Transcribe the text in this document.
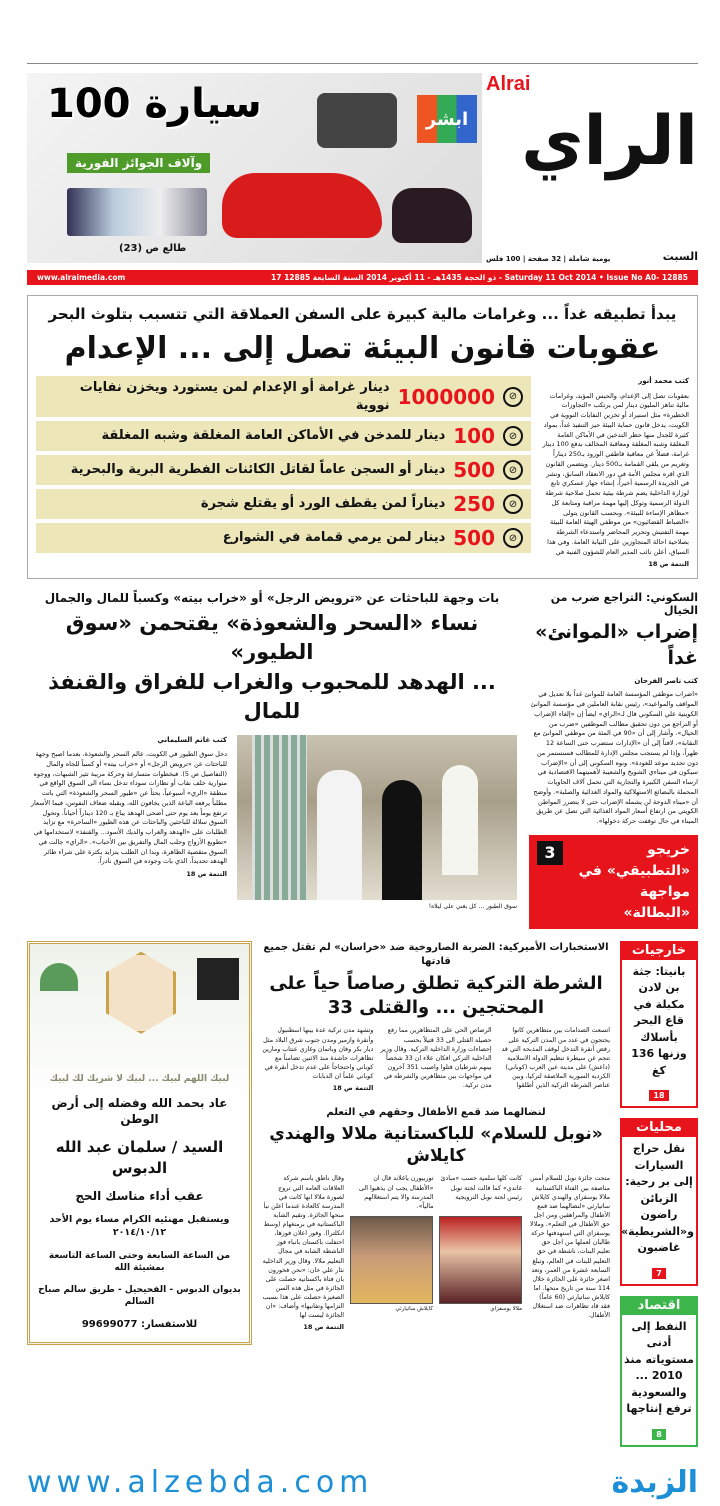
100 سيارة
وآلاف الجوائز الفورية
ابشر
طالع ص (23)
Alrai
الراي
يومية شاملة | 32 صفحة | 100 فلس	السبت
www.alraimedia.com	17 ذو الحجة 1435هـ - 11 أكتوبر 2014 السنة السابعة 12885 - Saturday 11 Oct 2014 • Issue No A0- 12885
يبدأ تطبيقه غداً ... وغرامات مالية كبيرة على السفن العملاقة التي تتسبب بتلوث البحر
عقوبات قانون البيئة تصل إلى ... الإعدام
⊘
1000000
دينار غرامة أو الإعدام لمن يستورد ويخزن نفايات نووية
⊘
100
دينار للمدخن في الأماكن العامة المغلقة وشبه المغلقة
⊘
500
دينار أو السجن عاماً لقاتل الكائنات الفطرية البرية والبحرية
⊘
250
ديناراً لمن يقطف الورد أو يقتلع شجرة
⊘
500
دينار لمن يرمي قمامة في الشوارع
كتب محمد أنور
بعقوبات تصل إلى الإعدام، والحبس المؤبد، وغرامات مالية تناهز المليون دينار لمن يرتكب «التجاوزات الخطيرة» مثل استيراد أو تخزين النفايات النووية في الكويت، يدخل قانون حماية البيئة حيز التنفيذ غداً، بمواد كثيرة للجدل منها حظر التدخين في الأماكن العامة المغلقة وشبه المغلقة ومعاقبة المخالف بدفع 100 دينار غرامة، فضلاً عن معاقبة قاطفي الورود بـ250 ديناراً وتغريم من يلقي القمامة بـ500 دينار. ويتضمن القانون الذي اقره مجلس الأمة في دور الانعقاد السابق، ونشر في الجريدة الرسمية أخيراً، إنشاء جهاز عسكري تابع لوزارة الداخلية يضم شرطة بيئية تحمل صلاحية شرطة الدولة الرسمية وتوكل إليها مهمة مراقبة ومتابعة كل «مظاهر الإساءة للبيئة». وبحسب القانون يتولى «الضباط القضائيون» من موظفي الهيئة العامة للبيئة مهمة التفتيش وتحرير المحاضر واستدعاء الشرطة بصلاحية احالة المتجاوزين على النيابة العامة. وفي هذا السياق، أعلن نائب المدير العام للشؤون الفنية في
التتمة ص 18
بات وجهة للباحثات عن «ترويض الرجل» أو «خراب بيته» وكسباً للمال والجمال
نساء «السحر والشعوذة» يقتحمن «سوق الطيور»
... الهدهد للمحبوب والغراب للفراق والقنفذ للمال
كتب غانم السليماني
دخل سوق الطيور في الكويت، عالم السحر والشعوذة، بعدما اصبح وجهة للباحثات عن «ترويض الرجل» أو «خراب بيته» أو كسباً للجاه والمال (التفاصيل ص 5). فبخطوات متسارعة وحركة مريبة تثير الشبهات، ووجوه متوارية خلف نقاب أو نظارات سوداء تدخل نساء الى السوق الواقع في منطقة «الري» أسبوعياً، بحثاً عن «طيور السحر والشعوذة» التي باتت مطلباً يرفعه الباعة الذين يخافون الله، ويقبله ضعاف النفوس، فيما الأسعار ترتفع يوماً بعد يوم حتى أضحى الهدهد يباع بـ 120 ديناراً أحياناً. وتحول السوق سلالة للباحثين والباحثات عن هذه الطيور «الساحرة» مع تزايد الطلبات على «الهدهد والغراب والديك الأسود... والقنفذ» لاستخدامها في «تطويع الأزواج وجلب المال والتفريق بين الأحباب». «الراي» جالت في السوق متقصية الظاهرة، وبدا ان الطلب يتزايد بكثرة على شراء طائر الهدهد تحديداً، الذي بات وجوده في السوق نادراً.
التتمة ص 18
سوق الطيور ... كل يغني على ليلاه!
السكوني: التراجع ضرب من الخيال
إضراب «الموانئ» غداً
كتب ناصر الفرحان
«اضراب موظفي المؤسسة العامة للموانئ غداً بلا تعديل في المواقف والمواعيد»، رئيس نقابة العاملين في مؤسسة الموانئ الكويتية علي السكوني قال لـ«الراي» ايضاً إن «إلغاء الإضراب أو التراجع من دون تحقيق مطالب الموظفين «ضرب من الخيال». وأشار إلى أن «90 في المئة من موظفي الموانئ مع النقابة»، لافتاً إلى أن «الإدارات ستضرب حتى الساعة 12 ظهراً، وإذا لم يستجب مجلس الإدارة للمطالب فسنستمر من دون تحديد موعد للعودة». ونوه السكوني إلى أن «الإضراب سيكون في ميناءي الشويخ والشعيبة لأهميتهما الاقتصادية في ارساء السفن الكبيرة والتجارية التي تحمل آلاف الحاويات المحملة بالبضائع الاستهلاكية والمواد الغذائية والصلبة». وأوضح أن «ميناء الدوحة لن يشمله الإضراب حتى لا يتضرر المواطن الكويتي من ارتفاع أسعار المواد الغذائية التي تصل عن طريق الميناء في حال توقفت حركة دخولها».
3	خريجو «التطبيقي» في مواجهة «البطالة»
لبيك اللهم لبيك ... لبيك لا شريك لك لبيك
عاد بحمد الله وفضله إلى أرض الوطن
السيد / سلمان عبد الله الدبوس
عقب أداء مناسك الحج
ويستقبل مهنئيه الكرام مساء يوم الأحد ٢٠١٤/١٠/١٢
من الساعة السابعة وحتى الساعة التاسعة بمشيئة الله
بديوان الدبوس - الفحيحيل - طريق سالم صباح السالم
للاستفسار: 99699077
الاستخبارات الأميركية: الضربة الصاروخية ضد «خراسان» لم تقتل جميع قادتها
الشرطة التركية تطلق رصاصاً حياً على المحتجين ... والقتلى 33
اتسعت الصدامات بين متظاهرين كانوا يحتجون في عدد من المدن التركية على رفض أنقرة التدخل لوقف المذبحة التي قد تنجم عن سيطرة تنظيم الدولة الاسلامية (داعش) على مدينة عين العرب (كوباني) الكردية السورية الملاصقة لتركيا، وبين عناصر الشرطة التركية الذين أطلقوا
الرصاص الحي على المتظاهرين مما رفع حصيلة القتلى الى 33 قتيلاً بحسب إحصاءات وزارة الداخلية التركية. وقال وزير الداخلية التركي افكان علاء ان 33 شخصاً بينهم شرطيان قتلوا واصيب 351 آخرون في مواجهات بين متظاهرين والشرطة في مدن تركية.
وتشهد مدن تركية عدة بينها اسطنبول وأنقرة وازمير ومدن جنوب شرق البلاد مثل ديار بكر وفان وباتمان وغازي عنتاب ومارين تظاهرات حاشدة منذ الاثنين تضامناً مع كوباني واحتجاجاً على عدم تدخل أنقرة في كوباني علماً ان الدبابات
التتمة ص 18
لنضالهما ضد قمع الأطفال وحقهم في التعلم
«نوبل للسلام» للباكستانية ملالا والهندي كايلاش
منحت جائزة نوبل للسلام أمس مناصفة بين الفتاة الباكستانية ملالا يوسفزاي والهندي كايلاش ساتيارثي «لنضالهما ضد قمع الأطفال والمراهقين ومن اجل حق الأطفال في التعلم». وملالا يوسفزاي التي استهدفتها حركة طالبان لعملها من اجل حق تعليم البنات، ناشطة في حق التعليم للبنات في العالم، وتبلغ السابعة عشرة من العمر، وتعد اصغر حائزة على الجائزة خلال 114 سنة من تاريخ منحها. اما كايلاش ساتيارثي (60 عاماً) فقد قاد تظاهرات ضد استغلال الأطفال.
كانت كلها سلمية حسب «مبادئ غاندي» كما قالت لجنة نوبل رئيس لجنة نوبل النرويجية
توربيورن ياغلاند قال ان «الأطفال يجب ان يذهبوا الى المدرسة والا يتم استغلالهم مالياً».
ملالا يوسفزاي
كايلاش ساتيارثي
وقال ناطق باسم شركة العلاقات العامة التي تروج لصورة ملالا انها كانت في المدرسة كالعادة عندما اعلن نبأ منحها الجائزة. وتقيم الشابة الباكستانية في برمنغهام (وسط انكلترا). وفور اعلان فوزها، احتفلت باكستان بانباء فوز الناشطة الشابة في مجال التعليم ملالا. وقال وزير الداخلية نثار علي خان: «نحن فخورون بان فتاة باكستانية حصلت على الجائزة في مثل هذه السن الصغيرة حصلت على هذا بسبب التزامها وتفانيها» وأضاف: «ان الجائزة ليست لها
التتمة ص 18
خارجيات
بانيتا: جثة بن لادن مكبلة في قاع البحر بأسلاك وزنها 136 كغ
18
محليات
نقل حراج السيارات إلى بر رحية: الزبائن راضون و«الشريطية» غاضبون
7
اقتصاد
النفط إلى أدنى مستوياته منذ 2010 ... والسعودية ترفع إنتاجها
8
www.alzebda.com	الزبدة
